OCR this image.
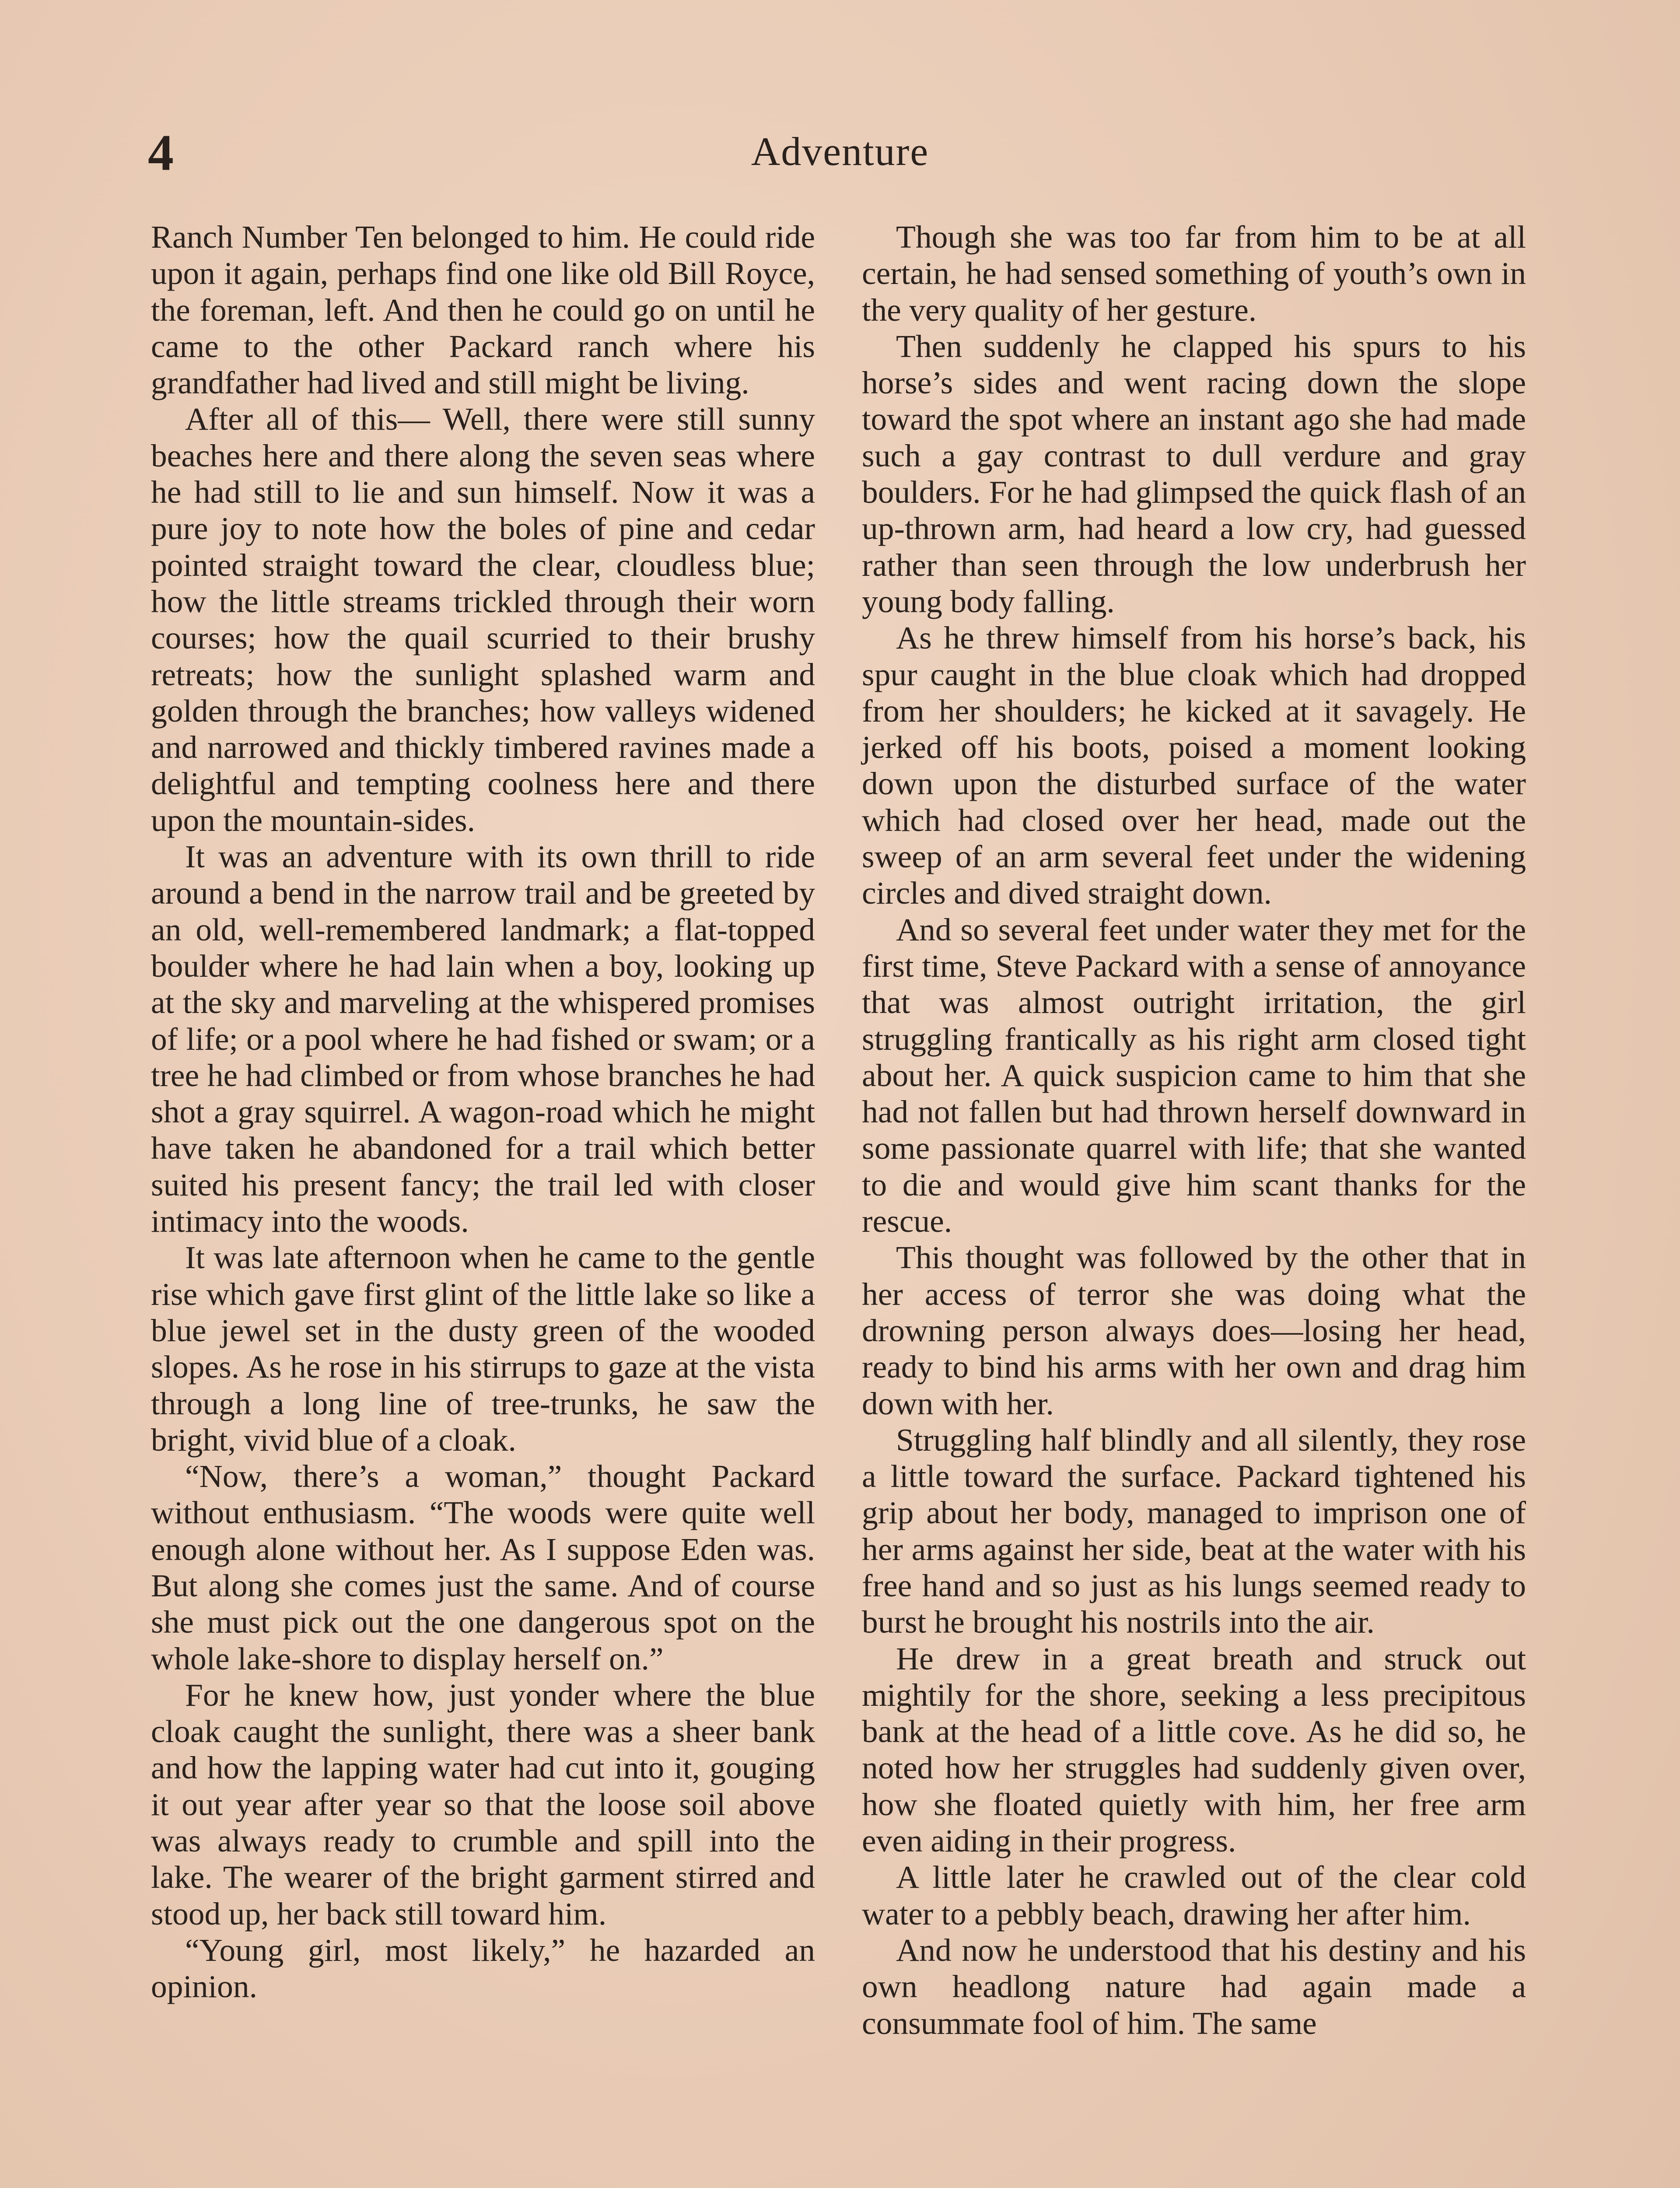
4	Adventure

Ranch Number Ten belonged to him. He could ride upon it again, perhaps find one like old Bill Royce, the foreman, left. And then he could go on until he came to the other Packard ranch where his grandfather had lived and still might be living.

After all of this— Well, there were still sunny beaches here and there along the seven seas where he had still to lie and sun himself. Now it was a pure joy to note how the boles of pine and cedar pointed straight toward the clear, cloudless blue; how the little streams trickled through their worn courses; how the quail scurried to their brushy retreats; how the sunlight splashed warm and golden through the branches; how valleys widened and narrowed and thickly timbered ravines made a delightful and tempting coolness here and there upon the mountain-sides.

It was an adventure with its own thrill to ride around a bend in the narrow trail and be greeted by an old, well-remembered landmark; a flat-topped boulder where he had lain when a boy, looking up at the sky and marveling at the whispered promises of life; or a pool where he had fished or swam; or a tree he had climbed or from whose branches he had shot a gray squirrel. A wagon-road which he might have taken he abandoned for a trail which better suited his present fancy; the trail led with closer intimacy into the woods.

It was late afternoon when he came to the gentle rise which gave first glint of the little lake so like a blue jewel set in the dusty green of the wooded slopes. As he rose in his stirrups to gaze at the vista through a long line of tree-trunks, he saw the bright, vivid blue of a cloak.

“Now, there’s a woman,” thought Packard without enthusiasm. “The woods were quite well enough alone without her. As I suppose Eden was. But along she comes just the same. And of course she must pick out the one dangerous spot on the whole lake-shore to display herself on.”

For he knew how, just yonder where the blue cloak caught the sunlight, there was a sheer bank and how the lapping water had cut into it, gouging it out year after year so that the loose soil above was always ready to crumble and spill into the lake. The wearer of the bright garment stirred and stood up, her back still toward him.

“Young girl, most likely,” he hazarded an opinion.

Though she was too far from him to be at all certain, he had sensed something of youth’s own in the very quality of her gesture.

Then suddenly he clapped his spurs to his horse’s sides and went racing down the slope toward the spot where an instant ago she had made such a gay contrast to dull verdure and gray boulders. For he had glimpsed the quick flash of an up-thrown arm, had heard a low cry, had guessed rather than seen through the low underbrush her young body falling.

As he threw himself from his horse’s back, his spur caught in the blue cloak which had dropped from her shoulders; he kicked at it savagely. He jerked off his boots, poised a moment looking down upon the disturbed surface of the water which had closed over her head, made out the sweep of an arm several feet under the widening circles and dived straight down.

And so several feet under water they met for the first time, Steve Packard with a sense of annoyance that was almost outright irritation, the girl struggling frantically as his right arm closed tight about her. A quick suspicion came to him that she had not fallen but had thrown herself downward in some passionate quarrel with life; that she wanted to die and would give him scant thanks for the rescue.

This thought was followed by the other that in her access of terror she was doing what the drowning person always does—losing her head, ready to bind his arms with her own and drag him down with her.

Struggling half blindly and all silently, they rose a little toward the surface. Packard tightened his grip about her body, managed to imprison one of her arms against her side, beat at the water with his free hand and so just as his lungs seemed ready to burst he brought his nostrils into the air.

He drew in a great breath and struck out mightily for the shore, seeking a less precipitous bank at the head of a little cove. As he did so, he noted how her struggles had suddenly given over, how she floated quietly with him, her free arm even aiding in their progress.

A little later he crawled out of the clear cold water to a pebbly beach, drawing her after him.

And now he understood that his destiny and his own headlong nature had again made a consummate fool of him. The same
